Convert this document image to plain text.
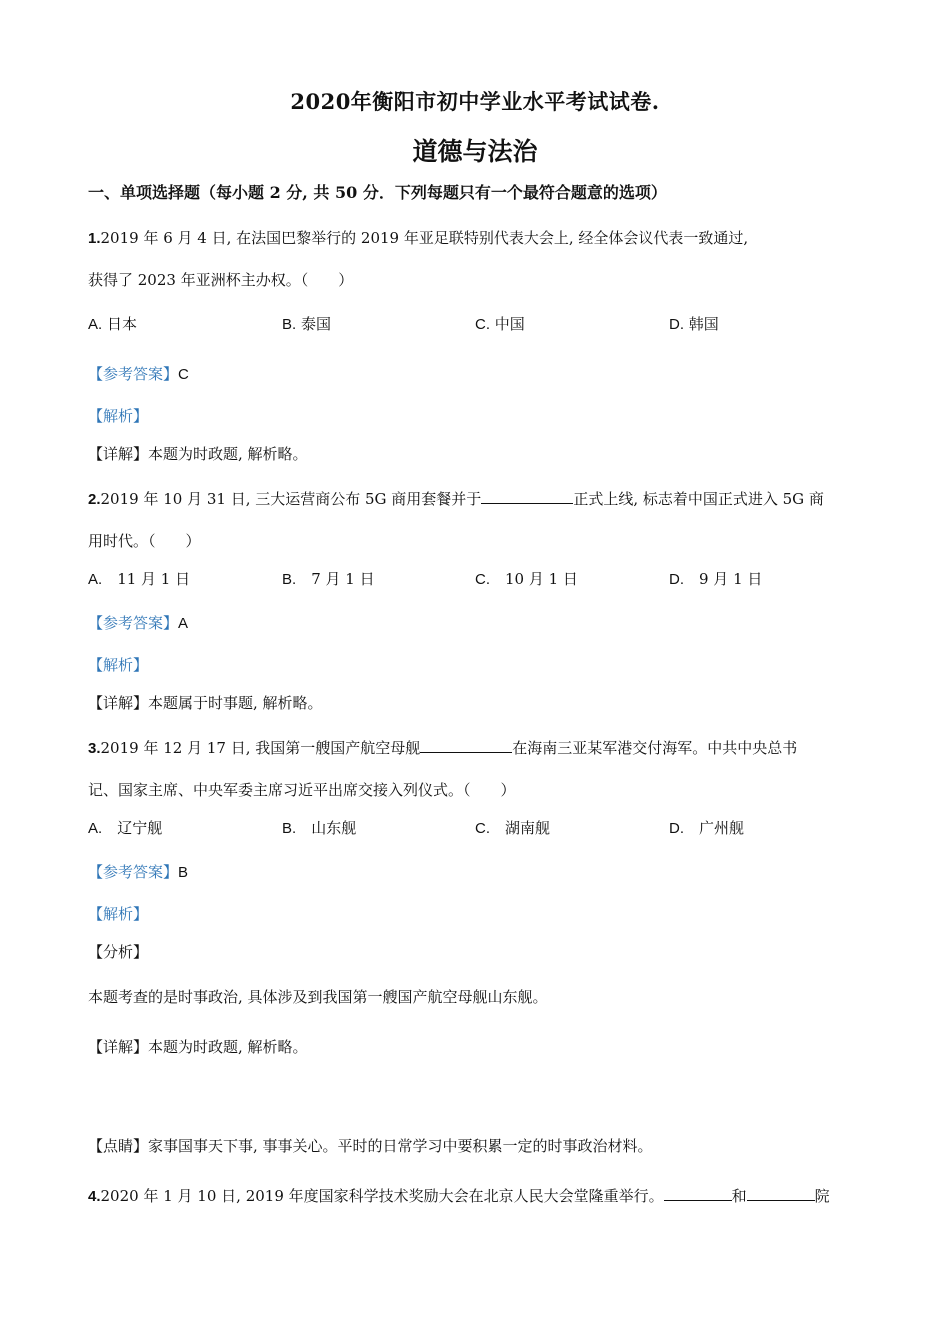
2020年衡阳市初中学业水平考试试卷.
道德与法治
一、单项选择题（每小题 2 分, 共 50 分．下列每题只有一个最符合题意的选项）
1.2019 年 6 月 4 日, 在法国巴黎举行的 2019 年亚足联特别代表大会上, 经全体会议代表一致通过,
获得了 2023 年亚洲杯主办权。（　　）
A. 日本	B. 泰国	C. 中国	D. 韩国
【参考答案】C
【解析】
【详解】本题为时政题, 解析略。
2.2019 年 10 月 31 日, 三大运营商公布 5G 商用套餐并于	正式上线, 标志着中国正式进入 5G 商
用时代。（　　）
A.　11 月 1 日	B.　7 月 1 日	C.　10 月 1 日	D.　9 月 1 日
【参考答案】A
【解析】
【详解】本题属于时事题, 解析略。
3.2019 年 12 月 17 日, 我国第一艘国产航空母舰	在海南三亚某军港交付海军。中共中央总书
记、国家主席、中央军委主席习近平出席交接入列仪式。（　　）
A.　辽宁舰	B.　山东舰	C.　湖南舰	D.　广州舰
【参考答案】B
【解析】
【分析】
本题考查的是时事政治, 具体涉及到我国第一艘国产航空母舰山东舰。
【详解】本题为时政题, 解析略。
【点睛】家事国事天下事, 事事关心。平时的日常学习中要积累一定的时事政治材料。
4.2020 年 1 月 10 日, 2019 年度国家科学技术奖励大会在北京人民大会堂隆重举行。	和	院
